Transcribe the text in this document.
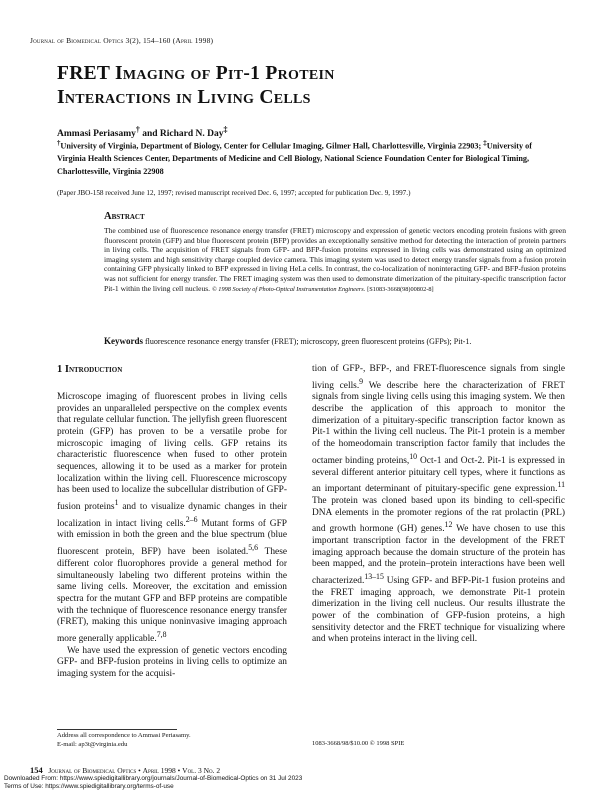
Journal of Biomedical Optics 3(2), 154–160 (April 1998)
FRET Imaging of Pit-1 Protein
Interactions in Living Cells
Ammasi Periasamy† and Richard N. Day‡
†University of Virginia, Department of Biology, Center for Cellular Imaging, Gilmer Hall, Charlottesville, Virginia 22903; ‡University of Virginia Health Sciences Center, Departments of Medicine and Cell Biology, National Science Foundation Center for Biological Timing, Charlottesville, Virginia 22908
(Paper JBO-158 received June 12, 1997; revised manuscript received Dec. 6, 1997; accepted for publication Dec. 9, 1997.)
Abstract
The combined use of fluorescence resonance energy transfer (FRET) microscopy and expression of genetic vectors encoding protein fusions with green fluorescent protein (GFP) and blue fluorescent protein (BFP) provides an exceptionally sensitive method for detecting the interaction of protein partners in living cells. The acquisition of FRET signals from GFP- and BFP-fusion proteins expressed in living cells was demonstrated using an optimized imaging system and high sensitivity charge coupled device camera. This imaging system was used to detect energy transfer signals from a fusion protein containing GFP physically linked to BFP expressed in living HeLa cells. In contrast, the co-localization of noninteracting GFP- and BFP-fusion proteins was not sufficient for energy transfer. The FRET imaging system was then used to demonstrate dimerization of the pituitary-specific transcription factor Pit-1 within the living cell nucleus. © 1998 Society of Photo-Optical Instrumentation Engineers. [S1083-3668(98)00802-8]
Keywords fluorescence resonance energy transfer (FRET); microscopy, green fluorescent proteins (GFPs); Pit-1.
1 Introduction

Microscope imaging of fluorescent probes in living cells provides an unparalleled perspective on the complex events that regulate cellular function. The jellyfish green fluorescent protein (GFP) has proven to be a versatile probe for microscopic imaging of living cells. GFP retains its characteristic fluorescence when fused to other protein sequences, allowing it to be used as a marker for protein localization within the living cell. Fluorescence microscopy has been used to localize the subcellular distribution of GFP-fusion proteins$^1$ and to visualize dynamic changes in their localization in intact living cells.$^{2-6}$ Mutant forms of GFP with emission in both the green and the blue spectrum (blue fluorescent protein, BFP) have been isolated.$^{5,6}$ These different color fluorophores provide a general method for simultaneously labeling two different proteins within the same living cells. Moreover, the excitation and emission spectra for the mutant GFP and BFP proteins are compatible with the technique of fluorescence resonance energy transfer (FRET), making this unique noninvasive imaging approach more generally applicable.$^{7,8}$

We have used the expression of genetic vectors encoding GFP- and BFP-fusion proteins in living cells to optimize an imaging system for the acquisi-

tion of GFP-, BFP-, and FRET-fluorescence signals from single living cells.$^9$ We describe here the characterization of FRET signals from single living cells using this imaging system. We then describe the application of this approach to monitor the dimerization of a pituitary-specific transcription factor known as Pit-1 within the living cell nucleus. The Pit-1 protein is a member of the homeodomain transcription factor family that includes the octamer binding proteins,$^{10}$ Oct-1 and Oct-2. Pit-1 is expressed in several different anterior pituitary cell types, where it functions as an important determinant of pituitary-specific gene expression.$^{11}$ The protein was cloned based upon its binding to cell-specific DNA elements in the promoter regions of the rat prolactin (PRL) and growth hormone (GH) genes.$^{12}$ We have chosen to use this important transcription factor in the development of the FRET imaging approach because the domain structure of the protein has been mapped, and the protein–protein interactions have been well characterized.$^{13-15}$ Using GFP- and BFP-Pit-1 fusion proteins and the FRET imaging approach, we demonstrate Pit-1 protein dimerization in the living cell nucleus. Our results illustrate the power of the combination of GFP-fusion proteins, a high sensitivity detector and the FRET technique for visualizing where and when proteins interact in the living cell.

Address all correspondence to Ammasi Periasamy.
E-mail: ap3t@virginia.edu	1083-3668/98/$10.00 © 1998 SPIE
154 Journal of Biomedical Optics • April 1998 • Vol. 3 No. 2
Downloaded From: https://www.spiedigitallibrary.org/journals/Journal-of-Biomedical-Optics on 31 Jul 2023
Terms of Use: https://www.spiedigitallibrary.org/terms-of-use
